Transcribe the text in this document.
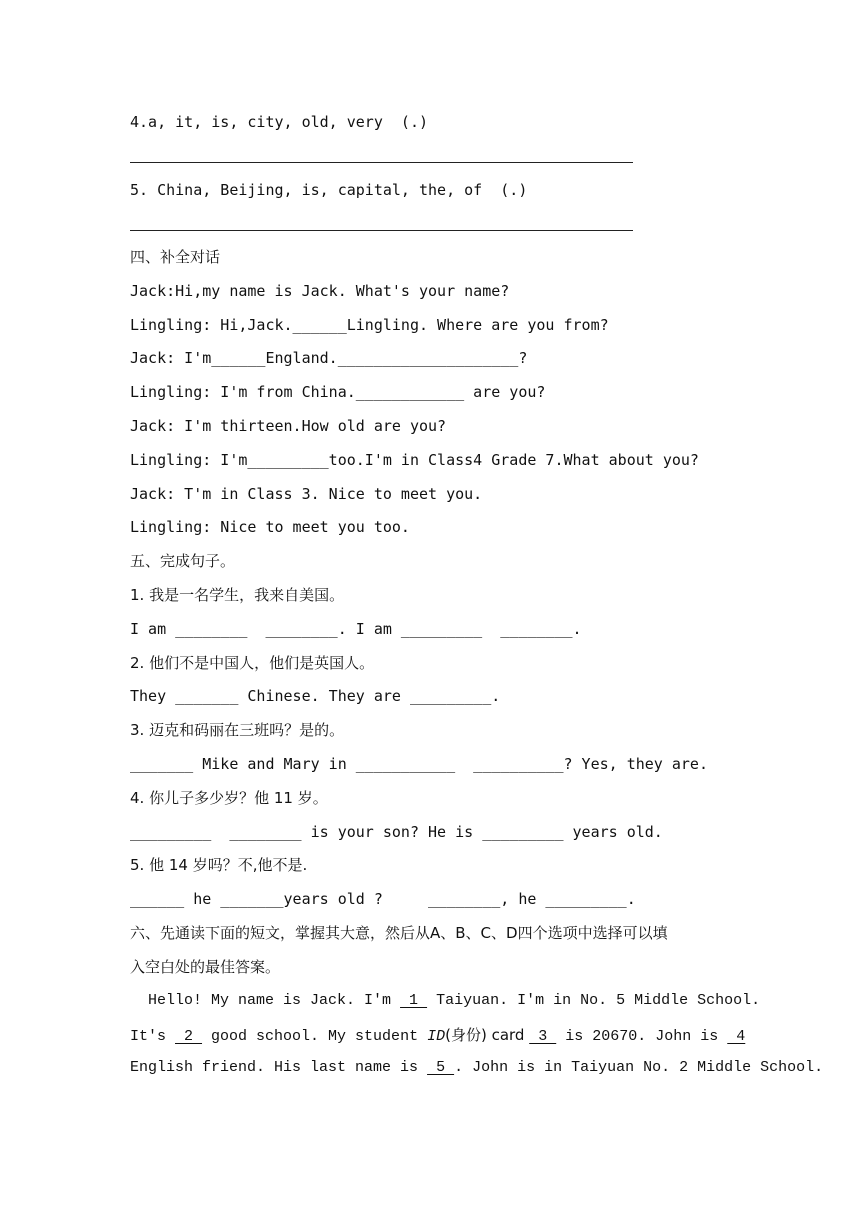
4.a, it, is, city, old, very  (.)
5. China, Beijing, is, capital, the, of  (.)
四、补全对话
Jack:Hi,my name is Jack. What's your name?
Lingling: Hi,Jack.______Lingling. Where are you from?
Jack: I'm______England.____________________?
Lingling: I'm from China.____________ are you?
Jack: I'm thirteen.How old are you?
Lingling: I'm_________too.I'm in Class4 Grade 7.What about you?
Jack: T'm in Class 3. Nice to meet you.
Lingling: Nice to meet you too.
五、完成句子。
1. 我是一名学生，我来自美国。
I am ________  ________. I am _________  ________.
2. 他们不是中国人，他们是英国人。
They _______ Chinese. They are _________.
3. 迈克和码丽在三班吗？是的。
_______ Mike and Mary in ___________  __________? Yes, they are.
4. 你儿子多少岁？他 11 岁。
_________  ________ is your son? He is _________ years old.
5. 他 14 岁吗？不,他不是.
______ he _______years old ?     ________, he _________.
六、先通读下面的短文，掌握其大意，然后从A、B、C、D四个选项中选择可以填
入空白处的最佳答案。
Hello! My name is Jack. I'm  1  Taiyuan. I'm in No. 5 Middle School.
It's  2  good school. My student ID(身份) card  3  is 20670. John is  4
English friend. His last name is  5 . John is in Taiyuan No. 2 Middle School.
